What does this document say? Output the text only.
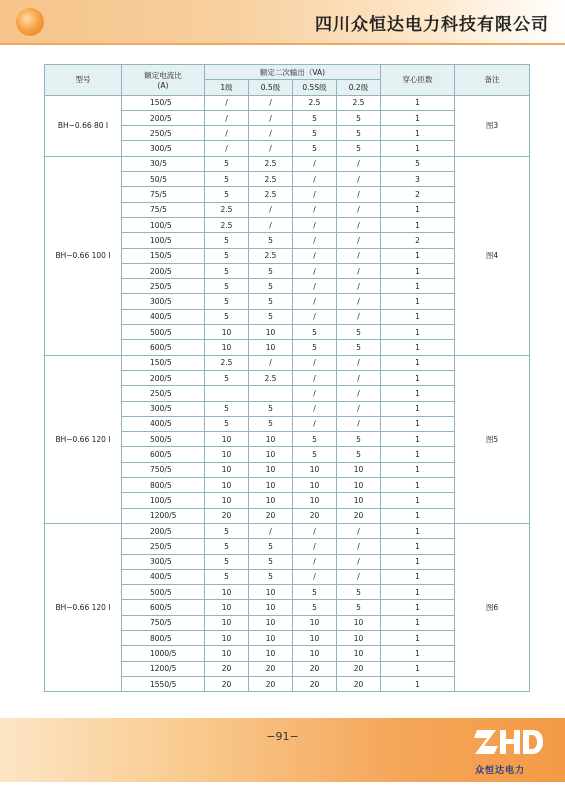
四川众恒达电力科技有限公司
型号	额定电流比
(A)	额定二次输出（VA)				穿心匝数	备注
		1级	0.5级	0.5S级	0.2级		
BH−0.66 80 I	150/5	/	/	2.5	2.5	1	图3
	200/5	/	/	5	5	1	
	250/5	/	/	5	5	1	
	300/5	/	/	5	5	1	
BH−0.66 100 I	30/5	5	2.5	/	/	5	图4
	50/5	5	2.5	/	/	3	
	75/5	5	2.5	/	/	2	
	75/5	2.5	/	/	/	1	
	100/5	2.5	/	/	/	1	
	100/5	5	5	/	/	2	
	150/5	5	2.5	/	/	1	
	200/5	5	5	/	/	1	
	250/5	5	5	/	/	1	
	300/5	5	5	/	/	1	
	400/5	5	5	/	/	1	
	500/5	10	10	5	5	1	
	600/5	10	10	5	5	1	
BH−0.66 120 I	150/5	2.5	/	/	/	1	图5
	200/5	5	2.5	/	/	1	
	250/5			/	/	1	
	300/5	5	5	/	/	1	
	400/5	5	5	/	/	1	
	500/5	10	10	5	5	1	
	600/5	10	10	5	5	1	
	750/5	10	10	10	10	1	
	800/5	10	10	10	10	1	
	100/5	10	10	10	10	1	
	1200/5	20	20	20	20	1	
BH−0.66 120 I	200/5	5	/	/	/	1	图6
	250/5	5	5	/	/	1	
	300/5	5	5	/	/	1	
	400/5	5	5	/	/	1	
	500/5	10	10	5	5	1	
	600/5	10	10	5	5	1	
	750/5	10	10	10	10	1	
	800/5	10	10	10	10	1	
	1000/5	10	10	10	10	1	
	1200/5	20	20	20	20	1	
	1550/5	20	20	20	20	1	
−91−
众恒达电力
